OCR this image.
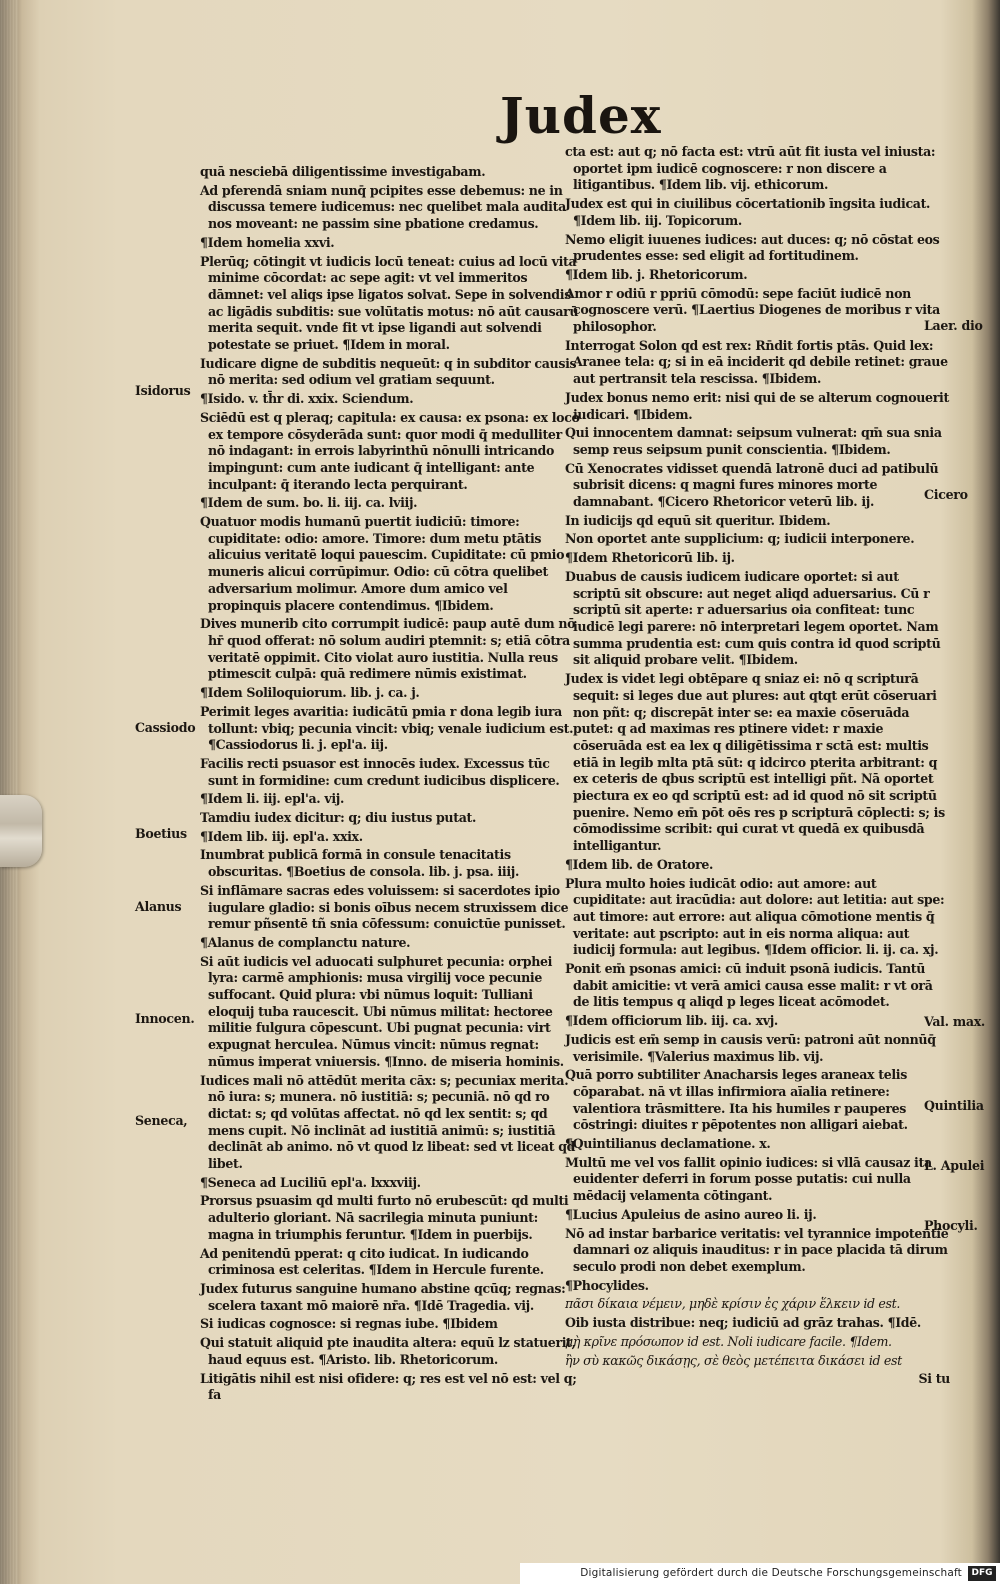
Judex

quā nesciebā diligentissime investigabam.

Ad pferendā sniam nunq̄ pcipites esse debemus: ne in discussa temere iudicemus: nec quelibet mala audita nos moveant: ne passim sine pbatione credamus.

¶Idem homelia xxvi.

Plerūq; cōtingit vt iudicis locū teneat: cuius ad locū vita minime cōcordat: ac sepe agit: vt vel immeritos dāmnet: vel aliqs ipse ligatos solvat. Sepe in solvendis ac ligādis subditis: sue volūtatis motus: nō aūt causarū merita sequit. vnde fit vt ipse ligandi aut solvendi potestate se priuet. ¶Idem in moral.

Iudicare digne de subditis nequeūt: q in subditor causis nō merita: sed odium vel gratiam sequunt.

¶Isido. v. th̄r di. xxix. Sciendum.

Sciēdū est q pleraq; capitula: ex causa: ex psona: ex loco ex tempore cōsyderāda sunt: quor modi q̄ medulliter nō indagant: in errois labyrinthū nōnulli intricando impingunt: cum ante iudicant q̄ intelligant: ante inculpant: q̄ iterando lecta perquirant.

¶Idem de sum. bo. li. iij. ca. lviij.

Quatuor modis humanū puertit iudiciū: timore: cupiditate: odio: amore. Timore: dum metu ptātis alicuius veritatē loqui pauescim. Cupiditate: cū pmio muneris alicui corrūpimur. Odio: cū cōtra quelibet adversarium molimur. Amore dum amico vel propinquis placere contendimus. ¶Ibidem.

Dives munerib cito corrumpit iudicē: paup autē dum nō hr̄ quod offerat: nō solum audiri ptemnit: s; etiā cōtra veritatē oppimit. Cito violat auro iustitia. Nulla reus ptimescit culpā: quā redimere nūmis existimat.

¶Idem Soliloquiorum. lib. j. ca. j.

Perimit leges avaritia: iudicātū pmia r dona legib iura tollunt: vbiq; pecunia vincit: vbiq; venale iudicium est. ¶Cassiodorus li. j. epl'a. iij.

Facilis recti psuasor est innocēs iudex. Excessus tūc sunt in formidine: cum credunt iudicibus displicere.

¶Idem li. iij. epl'a. vij.

Tamdiu iudex dicitur: q; diu iustus putat.

¶Idem lib. iij. epl'a. xxix.

Inumbrat publicā formā in consule tenacitatis obscuritas. ¶Boetius de consola. lib. j. psa. iiij.

Si inflāmare sacras edes voluissem: si sacerdotes ipio iugulare gladio: si bonis oībus necem struxissem dice remur pñsentē tñ snia cōfessum: conuictūe punisset.

¶Alanus de complanctu nature.

Si aūt iudicis vel aduocati sulphuret pecunia: orphei lyra: carmē amphionis: musa virgilij voce pecunie suffocant. Quid plura: vbi nūmus loquit: Tulliani eloquij tuba raucescit. Ubi nūmus militat: hectoree militie fulgura cōpescunt. Ubi pugnat pecunia: virt expugnat herculea. Nūmus vincit: nūmus regnat: nūmus imperat vniuersis. ¶Inno. de miseria hominis.

Iudices mali nō attēdūt merita cāx: s; pecuniax merita. nō iura: s; munera. nō iustitiā: s; pecuniā. nō qd ro dictat: s; qd volūtas affectat. nō qd lex sentit: s; qd mens cupit. Nō inclināt ad iustitiā animū: s; iustitiā declināt ab animo. nō vt quod lz libeat: sed vt liceat qd libet.

¶Seneca ad Luciliū epl'a. lxxxviij.

Prorsus psuasim qd multi furto nō erubescūt: qd multi adulterio gloriant. Nā sacrilegia minuta puniunt: magna in triumphis feruntur. ¶Idem in puerbijs.

Ad penitendū pperat: q cito iudicat. In iudicando criminosa est celeritas. ¶Idem in Hercule furente.

Judex futurus sanguine humano abstine qcūq; regnas: scelera taxant mō maiorē nr̄a. ¶Idē Tragedia. vij.

Si iudicas cognosce: si regnas iube. ¶Ibidem

Qui statuit aliquid pte inaudita altera: equū lz statuerit, haud equus est. ¶Aristo. lib. Rhetoricorum.

Litigātis nihil est nisi ofidere: q; res est vel nō est: vel q; fa

cta est: aut q; nō facta est: vtrū aūt fit iusta vel iniusta: oportet ipm iudicē cognoscere: r non discere a litigantibus. ¶Idem lib. vij. ethicorum.

Judex est qui in ciuilibus cōcertationib īngsita iudicat. ¶Idem lib. iij. Topicorum.

Nemo eligit iuuenes iudices: aut duces: q; nō cōstat eos prudentes esse: sed eligit ad fortitudinem.

¶Idem lib. j. Rhetoricorum.

Amor r odiū r ppriū cōmodū: sepe faciūt iudicē non cognoscere verū. ¶Laertius Diogenes de moribus r vita philosophor.

Interrogat Solon qd est rex: Rn̄dit fortis ptās. Quid lex: Aranee tela: q; si in eā inciderit qd debile retinet: graue aut pertransit tela rescissa. ¶Ibidem.

Judex bonus nemo erit: nisi qui de se alterum cognouerit iudicari. ¶Ibidem.

Qui innocentem damnat: seipsum vulnerat: qm̄ sua snia semp reus seipsum punit conscientia. ¶Ibidem.

Cū Xenocrates vidisset quendā latronē duci ad patibulū subrisit dicens: q magni fures minores morte damnabant. ¶Cicero Rhetoricor veterū lib. ij.

In iudicijs qd equū sit queritur. Ibidem.

Non oportet ante supplicium: q; iudicii interponere.

¶Idem Rhetoricorū lib. ij.

Duabus de causis iudicem iudicare oportet: si aut scriptū sit obscure: aut neget aliqd aduersarius. Cū r scriptū sit aperte: r aduersarius oia confiteat: tunc iudicē legi parere: nō interpretari legem oportet. Nam summa prudentia est: cum quis contra id quod scriptū sit aliquid probare velit. ¶Ibidem.

Judex is videt legi obtēpare q sniaz ei: nō q scripturā sequit: si leges due aut plures: aut qtqt erūt cōseruari non pñt: q; discrepāt inter se: ea maxie cōseruāda putet: q ad maximas res ptinere videt: r maxie cōseruāda est ea lex q diligētissima r sctā est: multis etiā in legib mlta ptā sūt: q idcirco pterita arbitrant: q ex ceteris de qbus scriptū est intelligi pñt. Nā oportet piectura ex eo qd scriptū est: ad id quod nō sit scriptū puenire. Nemo em̄ pōt oēs res p scripturā cōplecti: s; is cōmodissime scribit: qui curat vt quedā ex quibusdā intelligantur.

¶Idem lib. de Oratore.

Plura multo hoies iudicāt odio: aut amore: aut cupiditate: aut iracūdia: aut dolore: aut letitia: aut spe: aut timore: aut errore: aut aliqua cōmotione mentis q̄ veritate: aut pscripto: aut in eis norma aliqua: aut iudicij formula: aut legibus. ¶Idem officior. li. ij. ca. xj.

Ponit em̄ psonas amici: cū induit psonā iudicis. Tantū dabit amicitie: vt verā amici causa esse malit: r vt orā de litis tempus q aliqd p leges liceat acōmodet.

¶Idem officiorum lib. iij. ca. xvj.

Judicis est em̄ semp in causis verū: patroni aūt nonnūq̄ verisimile. ¶Valerius maximus lib. vij.

Quā porro subtiliter Anacharsis leges araneax telis cōparabat. nā vt illas infirmiora aīalia retinere: valentiora trāsmittere. Ita his humiles r pauperes cōstringi: diuites r pēpotentes non alligari aiebat.

¶Quintilianus declamatione. x.

Multū me vel vos fallit opinio iudices: si vllā causaz ita euidenter deferri in forum posse putatis: cui nulla mēdacij velamenta cōtingant.

¶Lucius Apuleius de asino aureo li. ij.

Nō ad instar barbarice veritatis: vel tyrannice impotentie damnari oz aliquis inauditus: r in pace placida tā dirum seculo prodi non debet exemplum.

¶Phocylides.

πᾶσι δίκαια νέμειν, μηδὲ κρίσιν ἐς χάριν ἕλκειν id est.

Oib iusta distribue: neq; iudiciū ad grāz trahas. ¶Idē.

μὴ κρῖνε πρόσωπον id est. Noli iudicare facile. ¶Idem.

ἢν σὺ κακῶς δικάσῃς, σὲ θεὸς μετέπειτα δικάσει id est

Si tu

Isidorus
Cassiodo
Boetius
Alanus
Innocen.
Seneca,
Laer. dio
Cicero
Val. max.
Quintilia
L. Apulei
Phocyli.
Digitalisierung gefördert durch die Deutsche Forschungsgemeinschaft	DFG
